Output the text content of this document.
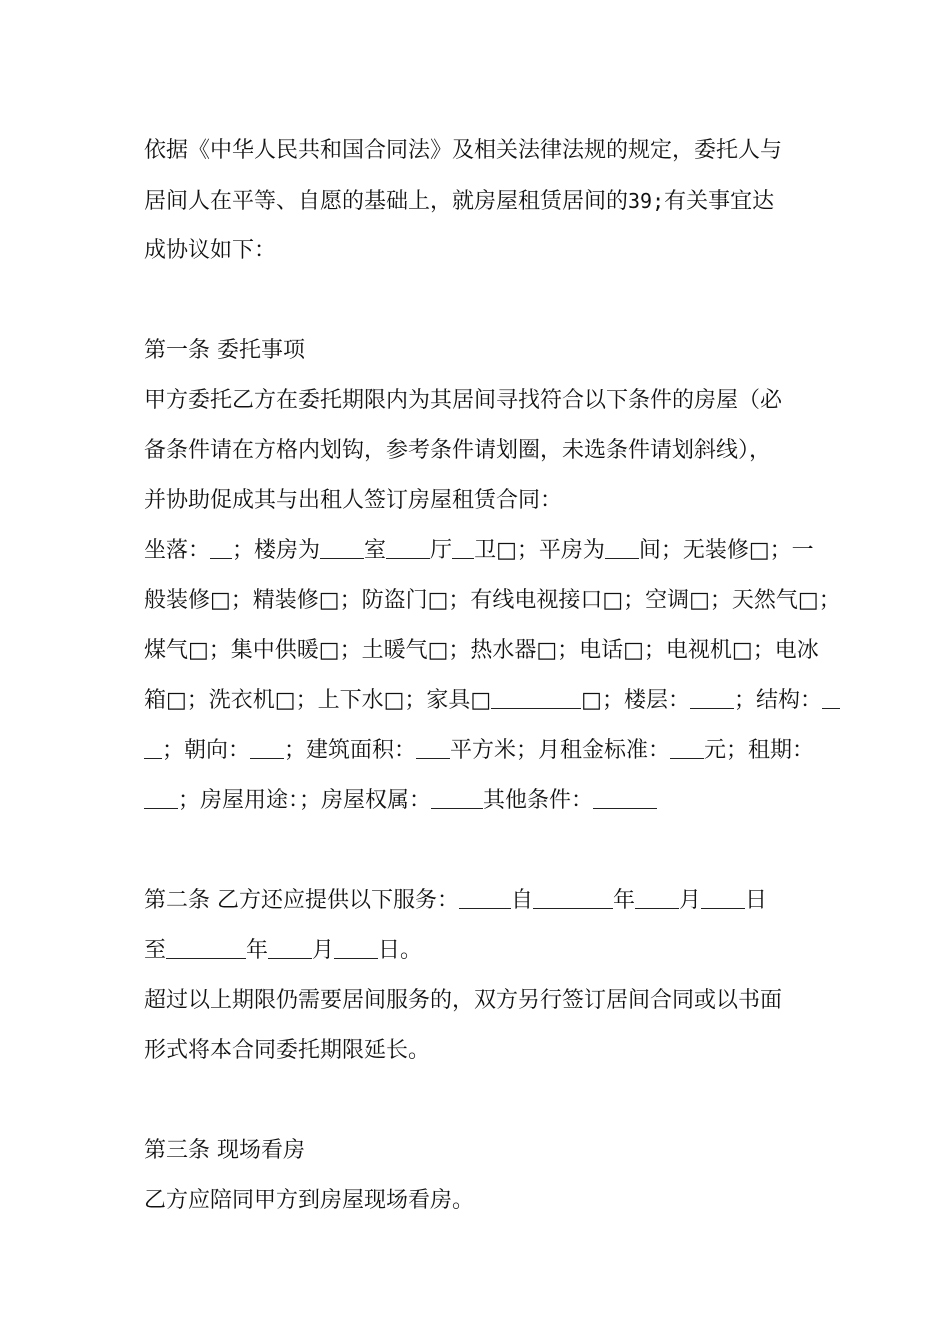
依据《中华人民共和国合同法》及相关法律法规的规定，委托人与
居间人在平等、自愿的基础上，就房屋租赁居间的39;有关事宜达
成协议如下：
第一条 委托事项
甲方委托乙方在委托期限内为其居间寻找符合以下条件的房屋（必
备条件请在方格内划钩，参考条件请划圈，未选条件请划斜线），
并协助促成其与出租人签订房屋租赁合同：
坐落： ；楼房为 室 厅 卫□；平房为 间；无装修□；一
般装修□；精装修□；防盗门□；有线电视接口□；空调□；天然气□；
煤气□；集中供暖□；土暖气□；热水器□；电话□；电视机□；电冰
箱□；洗衣机□；上下水□；家具□	□；楼层： ；结构：
；朝向： ；建筑面积： 平方米；月租金标准： 元；租期：
；房屋用途：；房屋权属： 其他条件：
第二条 乙方还应提供以下服务： 自	年 月 日
至	年 月 日。
超过以上期限仍需要居间服务的，双方另行签订居间合同或以书面
形式将本合同委托期限延长。
第三条 现场看房
乙方应陪同甲方到房屋现场看房。
